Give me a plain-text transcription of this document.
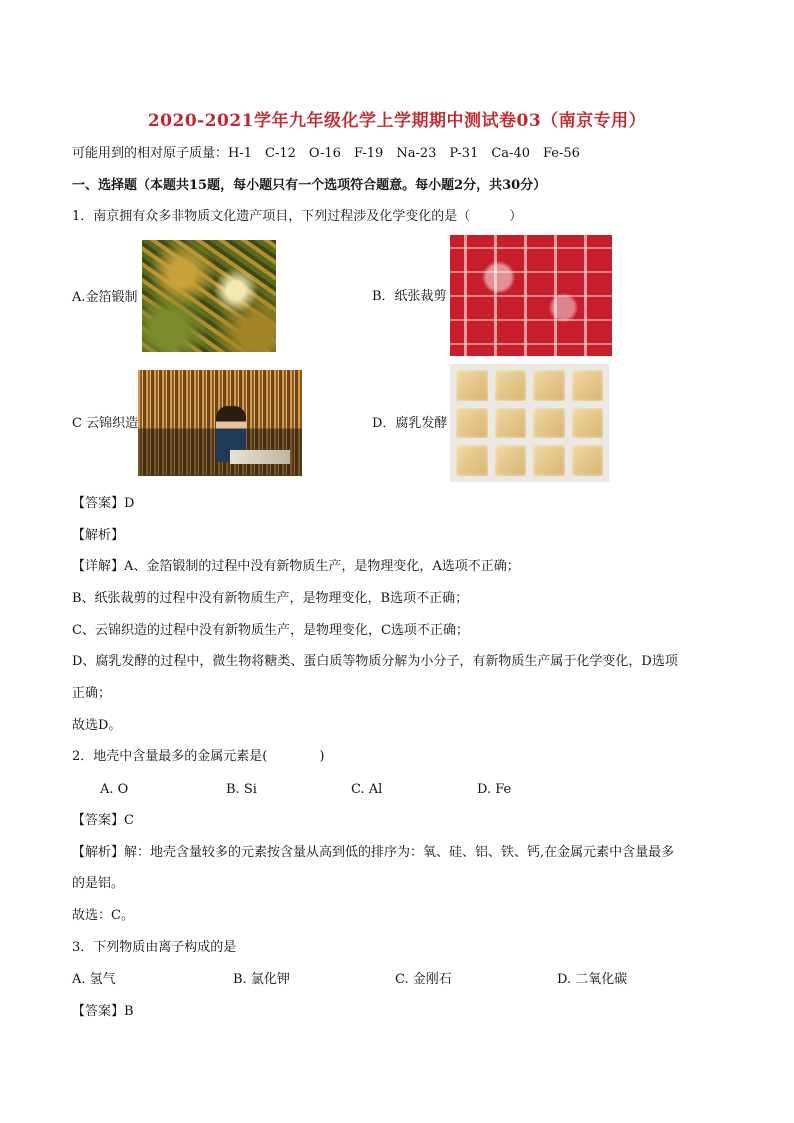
2020-2021学年九年级化学上学期期中测试卷03（南京专用）
可能用到的相对原子质量：H-1　C-12　O-16　F-19　Na-23　P-31　Ca-40　Fe-56
一、选择题（本题共15题，每小题只有一个选项符合题意。每小题2分，共30分）
1．南京拥有众多非物质文化遗产项目，下列过程涉及化学变化的是（　　　）
A.金箔锻制	B．纸张裁剪
C 云锦织造	D．腐乳发酵
【答案】D
【解析】
【详解】A、金箔锻制的过程中没有新物质生产，是物理变化，A选项不正确；
B、纸张裁剪的过程中没有新物质生产，是物理变化，B选项不正确；
C、云锦织造的过程中没有新物质生产，是物理变化，C选项不正确；
D、腐乳发酵的过程中，微生物将糖类、蛋白质等物质分解为小分子，有新物质生产属于化学变化，D选项
正确；
故选D。
2．地壳中含量最多的金属元素是(　　　　)
A. O	B. Si	C. Al	D. Fe
【答案】C
【解析】解：地壳含量较多的元素按含量从高到低的排序为：氧、硅、铝、铁、钙,在金属元素中含量最多
的是铝。
故选：C。
3．下列物质由离子构成的是
A. 氢气	B. 氯化钾	C. 金刚石	D. 二氧化碳
【答案】B
